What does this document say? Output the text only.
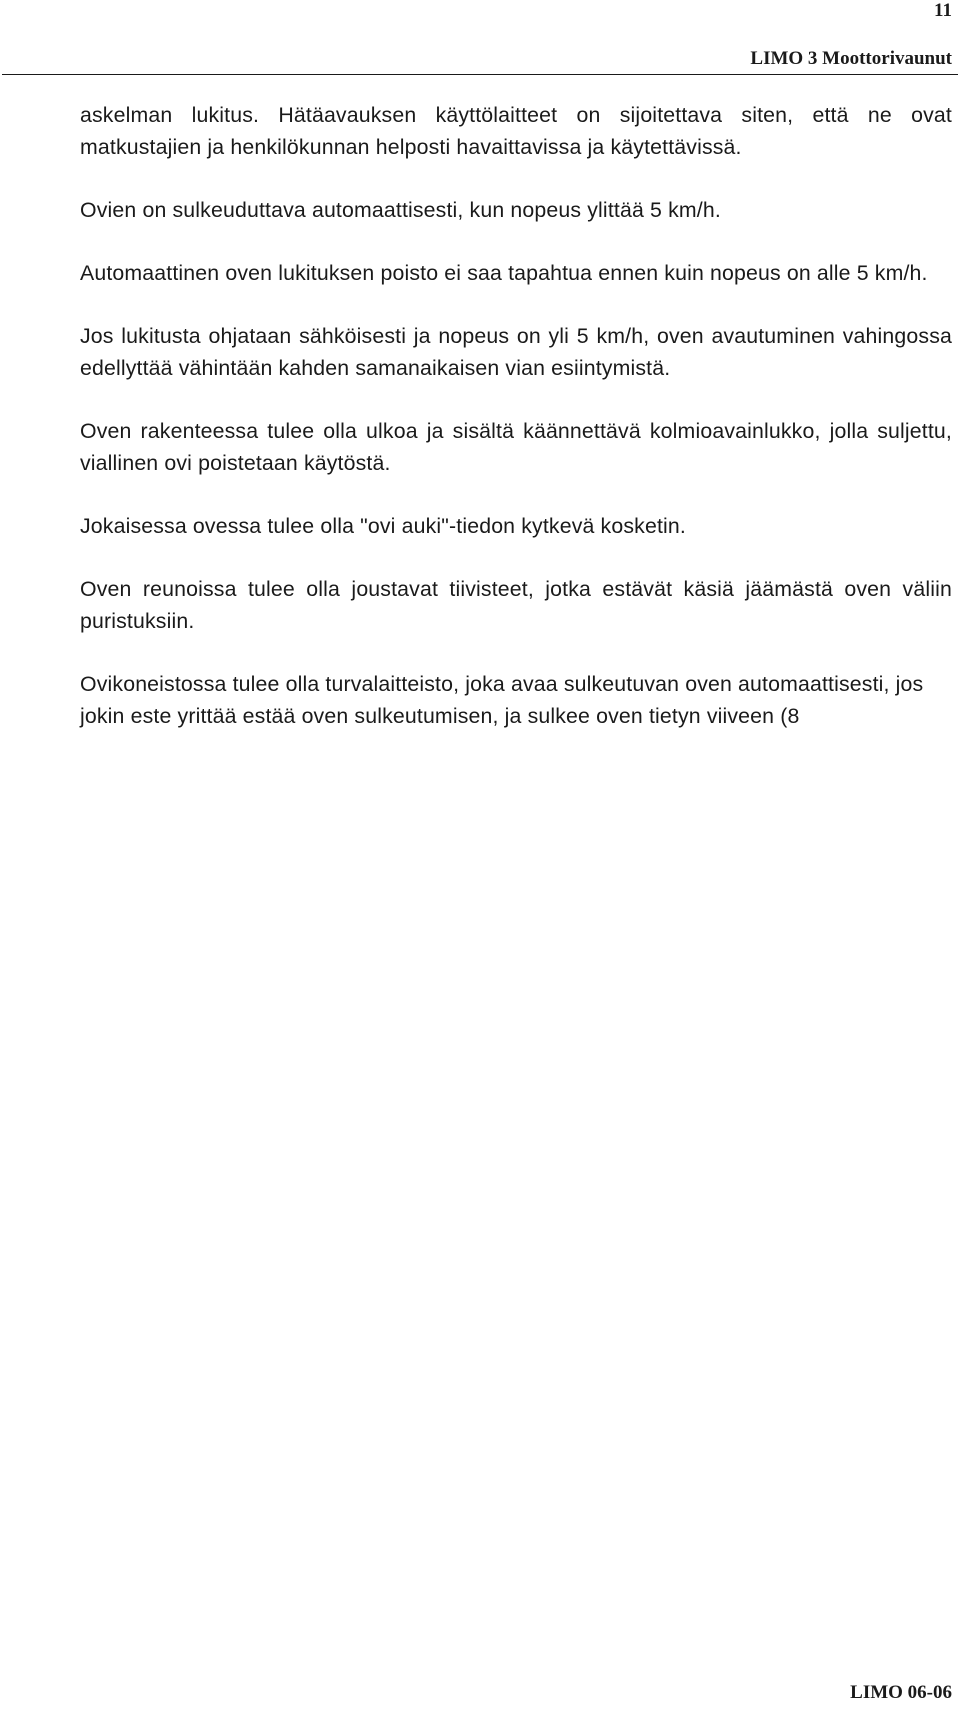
11
LIMO 3 Moottorivaunut

askelman lukitus. Hätäavauksen käyttölaitteet on sijoitettava siten, että ne ovat matkustajien ja henkilökunnan helposti havaittavissa ja käytettävissä.

Ovien on sulkeuduttava automaattisesti, kun nopeus ylittää 5 km/h.

Automaattinen oven lukituksen poisto ei saa tapahtua ennen kuin nopeus on alle 5 km/h.

Jos lukitusta ohjataan sähköisesti ja nopeus on yli 5 km/h, oven avautuminen vahingossa edellyttää vähintään kahden samanaikaisen vian esiintymistä.

Oven rakenteessa tulee olla ulkoa ja sisältä käännettävä kolmioavainlukko, jolla suljettu, viallinen ovi poistetaan käytöstä.

Jokaisessa ovessa tulee olla "ovi auki"-tiedon kytkevä kosketin.

Oven reunoissa tulee olla joustavat tiivisteet, jotka estävät käsiä jäämästä oven väliin puristuksiin.

Ovikoneistossa tulee olla turvalaitteisto, joka avaa sulkeutuvan oven automaattisesti, jos jokin este yrittää estää oven sulkeutumisen, ja sulkee oven tietyn viiveen (8

LIMO 06-06
